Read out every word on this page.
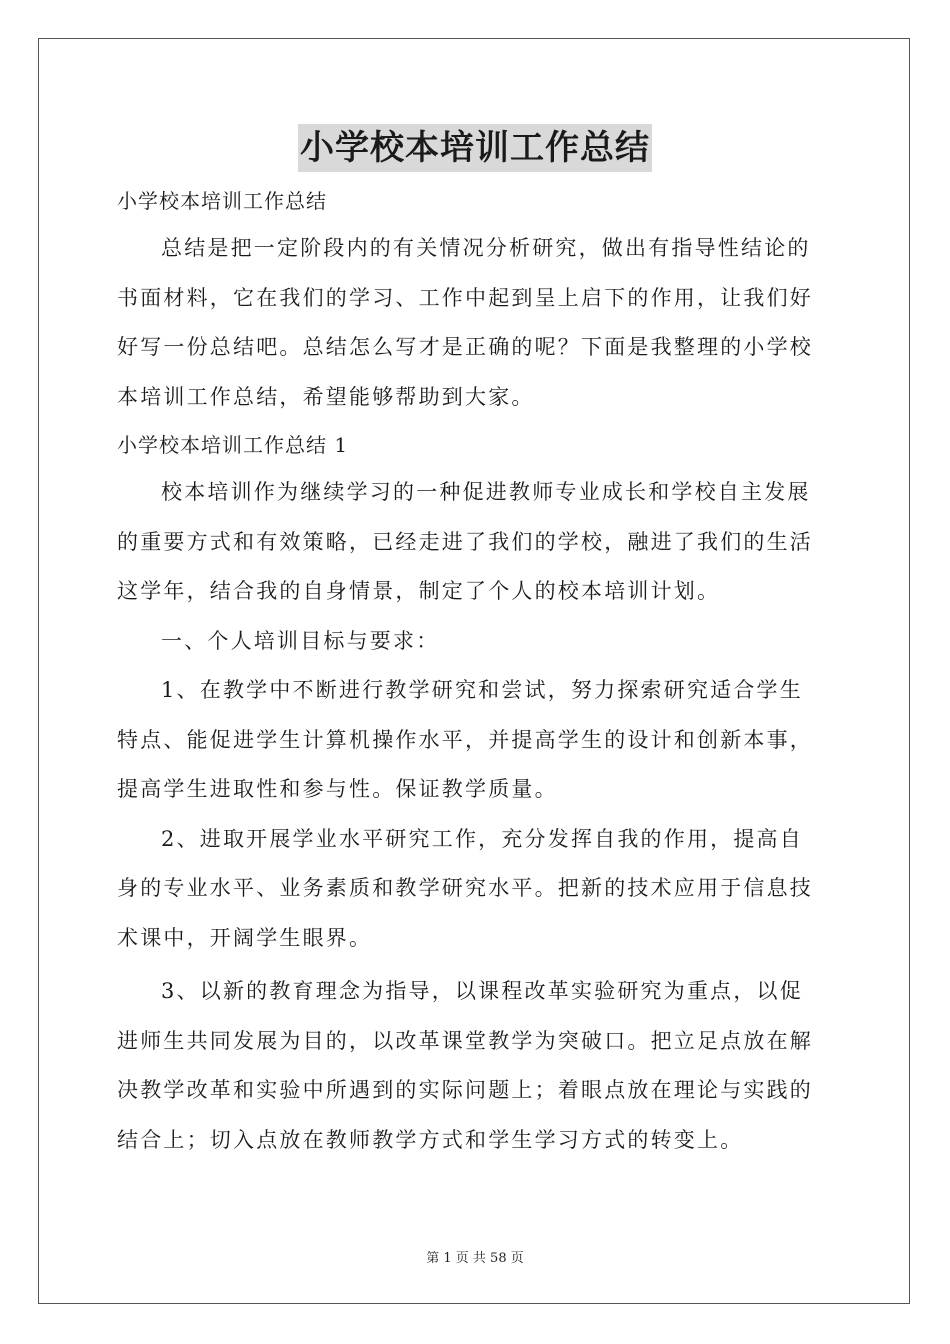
小学校本培训工作总结

小学校本培训工作总结

总结是把一定阶段内的有关情况分析研究，做出有指导性结论的

书面材料，它在我们的学习、工作中起到呈上启下的作用，让我们好

好写一份总结吧。总结怎么写才是正确的呢？下面是我整理的小学校

本培训工作总结，希望能够帮助到大家。

小学校本培训工作总结 1

校本培训作为继续学习的一种促进教师专业成长和学校自主发展

的重要方式和有效策略，已经走进了我们的学校，融进了我们的生活

这学年，结合我的自身情景，制定了个人的校本培训计划。

一、个人培训目标与要求：

1、在教学中不断进行教学研究和尝试，努力探索研究适合学生

特点、能促进学生计算机操作水平，并提高学生的设计和创新本事，

提高学生进取性和参与性。保证教学质量。

2、进取开展学业水平研究工作，充分发挥自我的作用，提高自

身的专业水平、业务素质和教学研究水平。把新的技术应用于信息技

术课中，开阔学生眼界。

3、以新的教育理念为指导，以课程改革实验研究为重点，以促

进师生共同发展为目的，以改革课堂教学为突破口。把立足点放在解

决教学改革和实验中所遇到的实际问题上；着眼点放在理论与实践的

结合上；切入点放在教师教学方式和学生学习方式的转变上。

第 1 页 共 58 页
